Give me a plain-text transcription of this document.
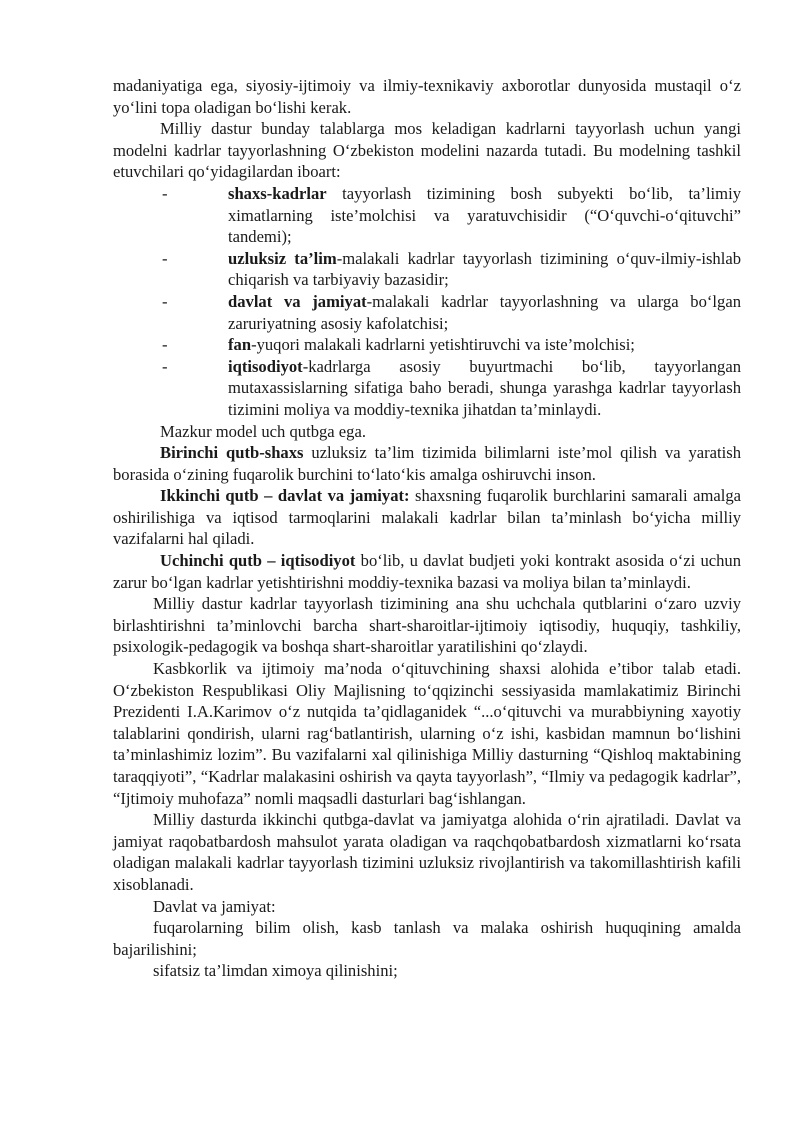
madaniyatiga ega, siyosiy-ijtimoiy va ilmiy-texnikaviy axborotlar dunyosida mustaqil o‘z yo‘lini topa oladigan bo‘lishi kerak.

Milliy dastur bunday talablarga mos keladigan kadrlarni tayyorlash uchun yangi modelni kadrlar tayyorlashning O‘zbekiston modelini nazarda tutadi. Bu modelning tashkil etuvchilari qo‘yidagilardan iboart:

-	shaxs-kadrlar tayyorlash tizimining bosh subyekti bo‘lib, ta’limiy ximatlarning iste’molchisi va yaratuvchisidir (“O‘quvchi-o‘qituvchi” tandemi);
-	uzluksiz ta’lim-malakali kadrlar tayyorlash tizimining o‘quv-ilmiy-ishlab chiqarish va tarbiyaviy bazasidir;
-	davlat va jamiyat-malakali kadrlar tayyorlashning va ularga bo‘lgan zaruriyatning asosiy kafolatchisi;
-	fan-yuqori malakali kadrlarni yetishtiruvchi va iste’molchisi;
-	iqtisodiyot-kadrlarga asosiy buyurtmachi bo‘lib, tayyorlangan mutaxassislarning sifatiga baho beradi, shunga yarashga kadrlar tayyorlash tizimini moliya va moddiy-texnika jihatdan ta’minlaydi.

Mazkur model uch qutbga ega.

Birinchi qutb-shaxs uzluksiz ta’lim tizimida bilimlarni iste’mol qilish va yaratish borasida o‘zining fuqarolik burchini to‘lato‘kis amalga oshiruvchi inson.

Ikkinchi qutb – davlat va jamiyat: shaxsning fuqarolik burchlarini samarali amalga oshirilishiga va iqtisod tarmoqlarini malakali kadrlar bilan ta’minlash bo‘yicha milliy vazifalarni hal qiladi.

Uchinchi qutb – iqtisodiyot bo‘lib, u davlat budjeti yoki kontrakt asosida o‘zi uchun zarur bo‘lgan kadrlar yetishtirishni moddiy-texnika bazasi va moliya bilan ta’minlaydi.

Milliy dastur kadrlar tayyorlash tizimining ana shu uchchala qutblarini o‘zaro uzviy birlashtirishni ta’minlovchi barcha shart-sharoitlar-ijtimoiy iqtisodiy, huquqiy, tashkiliy, psixologik-pedagogik va boshqa shart-sharoitlar yaratilishini qo‘zlaydi.

Kasbkorlik va ijtimoiy ma’noda o‘qituvchining shaxsi alohida e’tibor talab etadi. O‘zbekiston Respublikasi Oliy Majlisning to‘qqizinchi sessiyasida mamlakatimiz Birinchi Prezidenti I.A.Karimov o‘z nutqida ta’qidlaganidek “...o‘qituvchi va murabbiyning xayotiy talablarini qondirish, ularni rag‘batlantirish, ularning o‘z ishi, kasbidan mamnun bo‘lishini ta’minlashimiz lozim”. Bu vazifalarni xal qilinishiga Milliy dasturning “Qishloq maktabining taraqqiyoti”, “Kadrlar malakasini oshirish va qayta tayyorlash”, “Ilmiy va pedagogik kadrlar”, “Ijtimoiy muhofaza” nomli maqsadli dasturlari bag‘ishlangan.

Milliy dasturda ikkinchi qutbga-davlat va jamiyatga alohida o‘rin ajratiladi. Davlat va jamiyat raqobatbardosh mahsulot yarata oladigan va raqchqobatbardosh xizmatlarni ko‘rsata oladigan malakali kadrlar tayyorlash tizimini uzluksiz rivojlantirish va takomillashtirish kafili xisoblanadi.

Davlat va jamiyat:

fuqarolarning bilim olish, kasb tanlash va malaka oshirish huquqining amalda bajarilishini;

sifatsiz ta’limdan ximoya qilinishini;
